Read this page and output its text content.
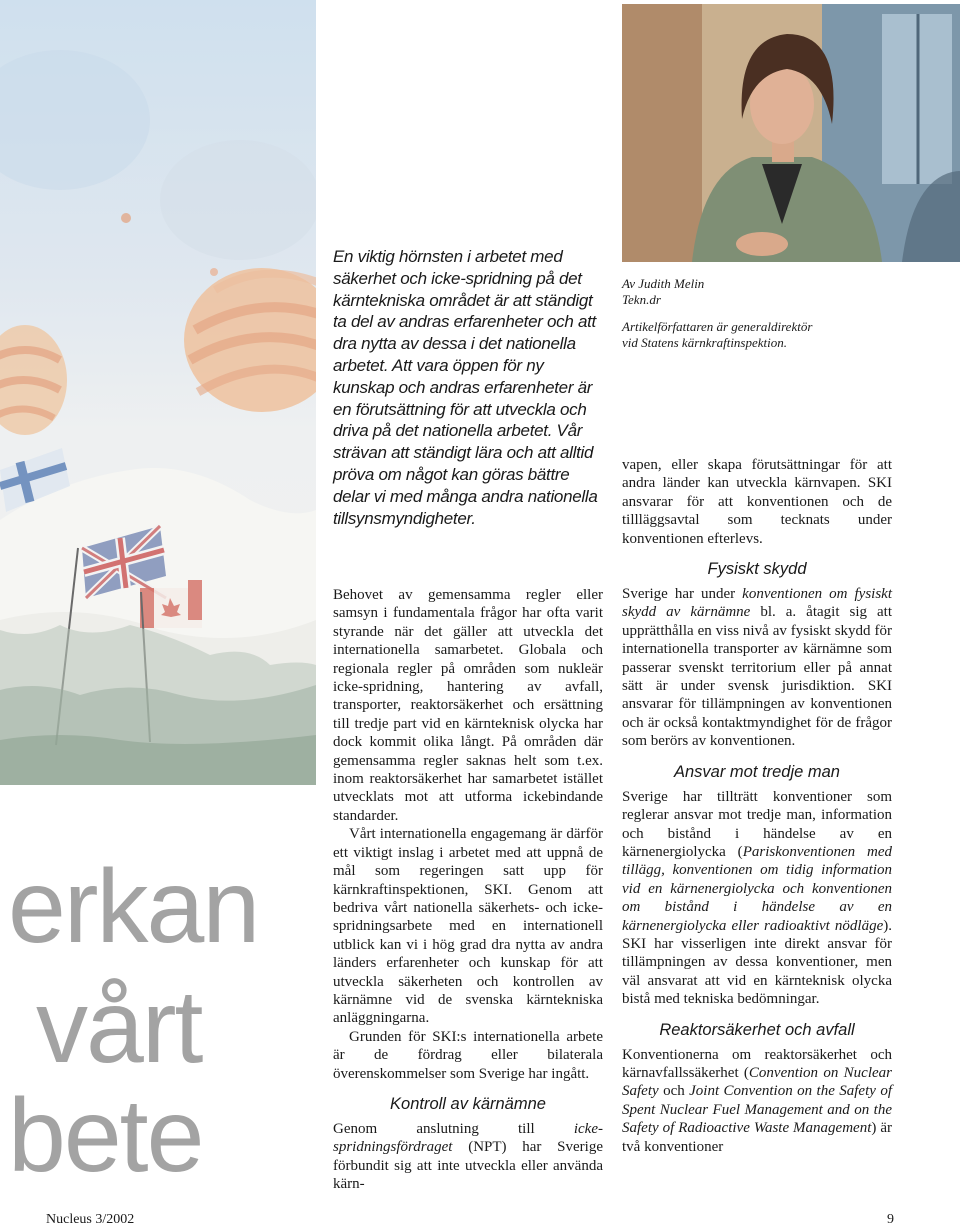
erkan
vårt
bete
En viktig hörnsten i arbetet med säkerhet och icke-spridning på det kärntekniska området är att ständigt ta del av andras erfarenheter och att dra nytta av dessa i det nationella arbetet. Att vara öppen för ny kunskap och andras erfarenheter är en förutsättning för att utveckla och driva på det nationella arbetet. Vår strävan att ständigt lära och att alltid pröva om något kan göras bättre delar vi med många andra nationella tillsynsmyndigheter.
Av Judith Melin
Tekn.dr
Artikelförfattaren är generaldirektör
vid Statens kärnkraftinspektion.

Behovet av gemensamma regler eller samsyn i fundamentala frågor har ofta varit styrande när det gäller att utveckla det internationella samarbetet. Globala och regionala regler på områden som nukleär icke-spridning, hantering av avfall, transporter, reaktorsäkerhet och ersättning till tredje part vid en kärnteknisk olycka har dock kommit olika långt. På områden där gemensamma regler saknas helt som t.ex. inom reaktorsäkerhet har samarbetet istället utvecklats mot att utforma ickebindande standarder.

Vårt internationella engagemang är därför ett viktigt inslag i arbetet med att uppnå de mål som regeringen satt upp för kärnkraftinspektionen, SKI. Genom att bedriva vårt nationella säkerhets- och icke-spridningsarbete med en internationell utblick kan vi i hög grad dra nytta av andra länders erfarenheter och kunskap för att utveckla säkerheten och kontrollen av kärnämne vid de svenska kärntekniska anläggningarna.

Grunden för SKI:s internationella arbete är de fördrag eller bilaterala överenskommelser som Sverige har ingått.

Kontroll av kärnämne

Genom anslutning till icke-spridningsfördraget (NPT) har Sverige förbundit sig att inte utveckla eller använda kärn-

vapen, eller skapa förutsättningar för att andra länder kan utveckla kärnvapen. SKI ansvarar för att konventionen och de tillläggsavtal som tecknats under konventionen efterlevs.

Fysiskt skydd

Sverige har under konventionen om fysiskt skydd av kärnämne bl. a. åtagit sig att upprätthålla en viss nivå av fysiskt skydd för internationella transporter av kärnämne som passerar svenskt territorium eller på annat sätt är under svensk jurisdiktion. SKI ansvarar för tillämpningen av konventionen och är också kontaktmyndighet för de frågor som berörs av konventionen.

Ansvar mot tredje man

Sverige har tillträtt konventioner som reglerar ansvar mot tredje man, information och bistånd i händelse av en kärnenergiolycka (Pariskonventionen med tillägg, konventionen om tidig information vid en kärnenergiolycka och konventionen om bistånd i händelse av en kärnenergiolycka eller radioaktivt nödläge). SKI har visserligen inte direkt ansvar för tillämpningen av dessa konventioner, men väl ansvarat att vid en kärnteknisk olycka bistå med tekniska bedömningar.

Reaktorsäkerhet och avfall

Konventionerna om reaktorsäkerhet och kärnavfallssäkerhet (Convention on Nuclear Safety och Joint Convention on the Safety of Spent Nuclear Fuel Management and on the Safety of Radioactive Waste Management) är två konventioner

Nucleus 3/2002	9
